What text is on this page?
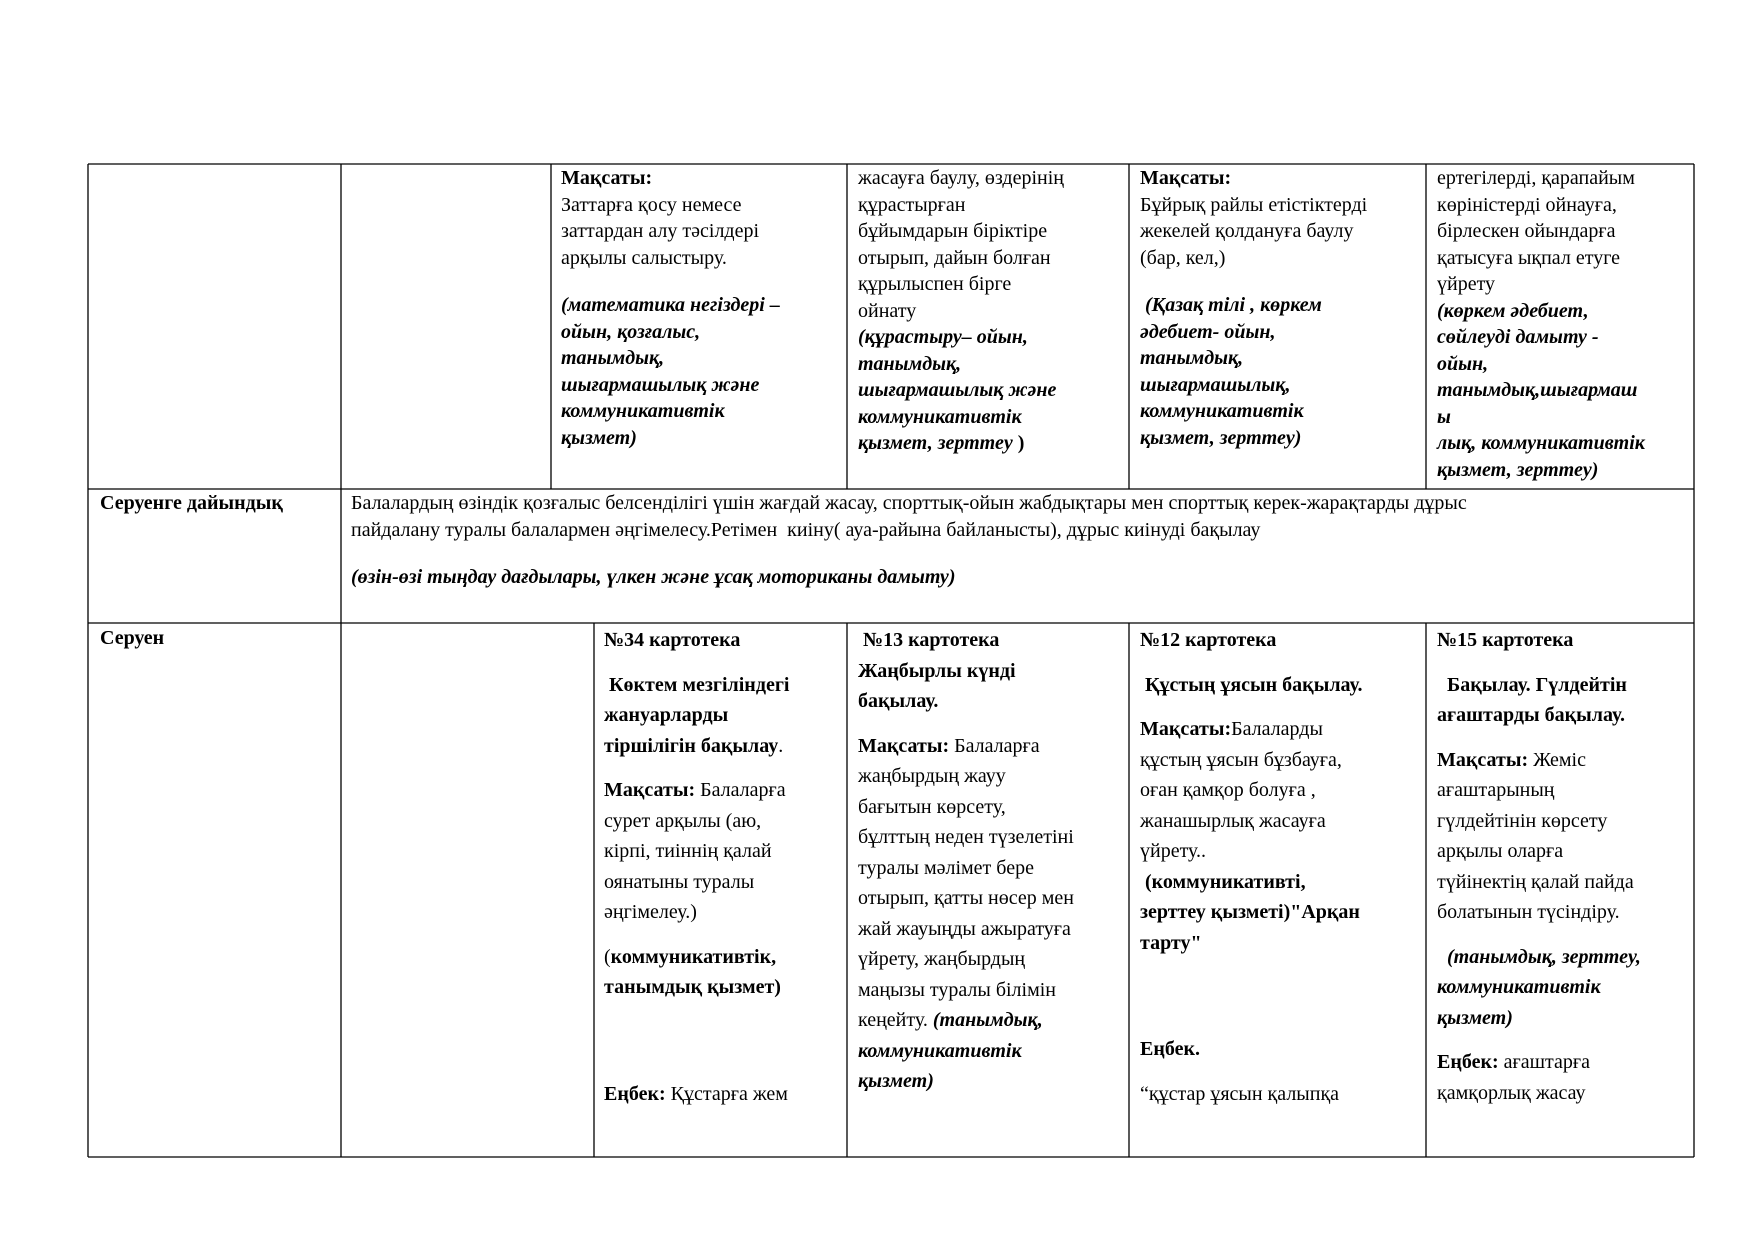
Мақсаты:
Заттарға қосу немесе
заттардан алу тәсілдері
арқылы салыстыру.
(математика негіздері –
ойын, қозғалыс,
танымдық,
шығармашылық және
коммуникативтік
қызмет)
жасауға баулу, өздерінің
құрастырған
бұйымдарын біріктіре
отырып, дайын болған
құрылыспен бірге
ойнату
(құрастыру– ойын,
танымдық,
шығармашылық және
коммуникативтік
қызмет, зерттеу )
Мақсаты:
Бұйрық райлы етістіктерді
жекелей қолдануға баулу
(бар, кел,)
(Қазақ тілі , көркем
әдебиет- ойын,
танымдық,
шығармашылық,
коммуникативтік
қызмет, зерттеу)
ертегілерді, қарапайым
көріністерді ойнауға,
бірлескен ойындарға
қатысуға ықпал етуге
үйрету
(көркем әдебиет,
сөйлеуді дамыту -
ойын,
танымдық,шығармаш
ы
лық, коммуникативтік
қызмет, зерттеу)
Серуенге дайындық	Балалардың өзіндік қозғалыс белсенділігі үшін жағдай жасау, спорттық-ойын жабдықтары мен спорттық керек-жарақтарды дұрыс
пайдалану туралы балалармен әңгімелесу.Ретімен  киіну( ауа-райына байланысты), дұрыс киінуді бақылау
(өзін-өзі тыңдау дағдылары, үлкен және ұсақ моториканы дамыту)
Серуен	№34 картотека
Көктем мезгіліндегі
жануарларды
тіршілігін бақылау.
Мақсаты: Балаларға
сурет арқылы (аю,
кірпі, тиіннің қалай
оянатыны туралы
әңгімелеу.)
(коммуникативтік,
танымдық қызмет)
Еңбек: Құстарға жем
№13 картотека
Жаңбырлы күнді
бақылау.
Мақсаты: Балаларға
жаңбырдың жауу
бағытын көрсету,
бұлттың неден түзелетіні
туралы мәлімет бере
отырып, қатты нөсер мен
жай жауыңды ажыратуға
үйрету, жаңбырдың
маңызы туралы білімін
кеңейту. (танымдық,
коммуникативтік
қызмет)
№12 картотека
Құстың ұясын бақылау.
Мақсаты:Балаларды
құстың ұясын бұзбауға,
оған қамқор болуға ,
жанашырлық жасауға
үйрету..
(коммуникативті,
зерттеу қызметі)"Арқан
тарту"
Еңбек.
“құстар ұясын қалыпқа
№15 картотека
Бақылау. Гүлдейтін
ағаштарды бақылау.
Мақсаты: Жеміс
ағаштарының
гүлдейтінін көрсету
арқылы оларға
түйінектің қалай пайда
болатынын түсіндіру.
(танымдық, зерттеу,
коммуникативтік
қызмет)
Еңбек: ағаштарға
қамқорлық жасау
